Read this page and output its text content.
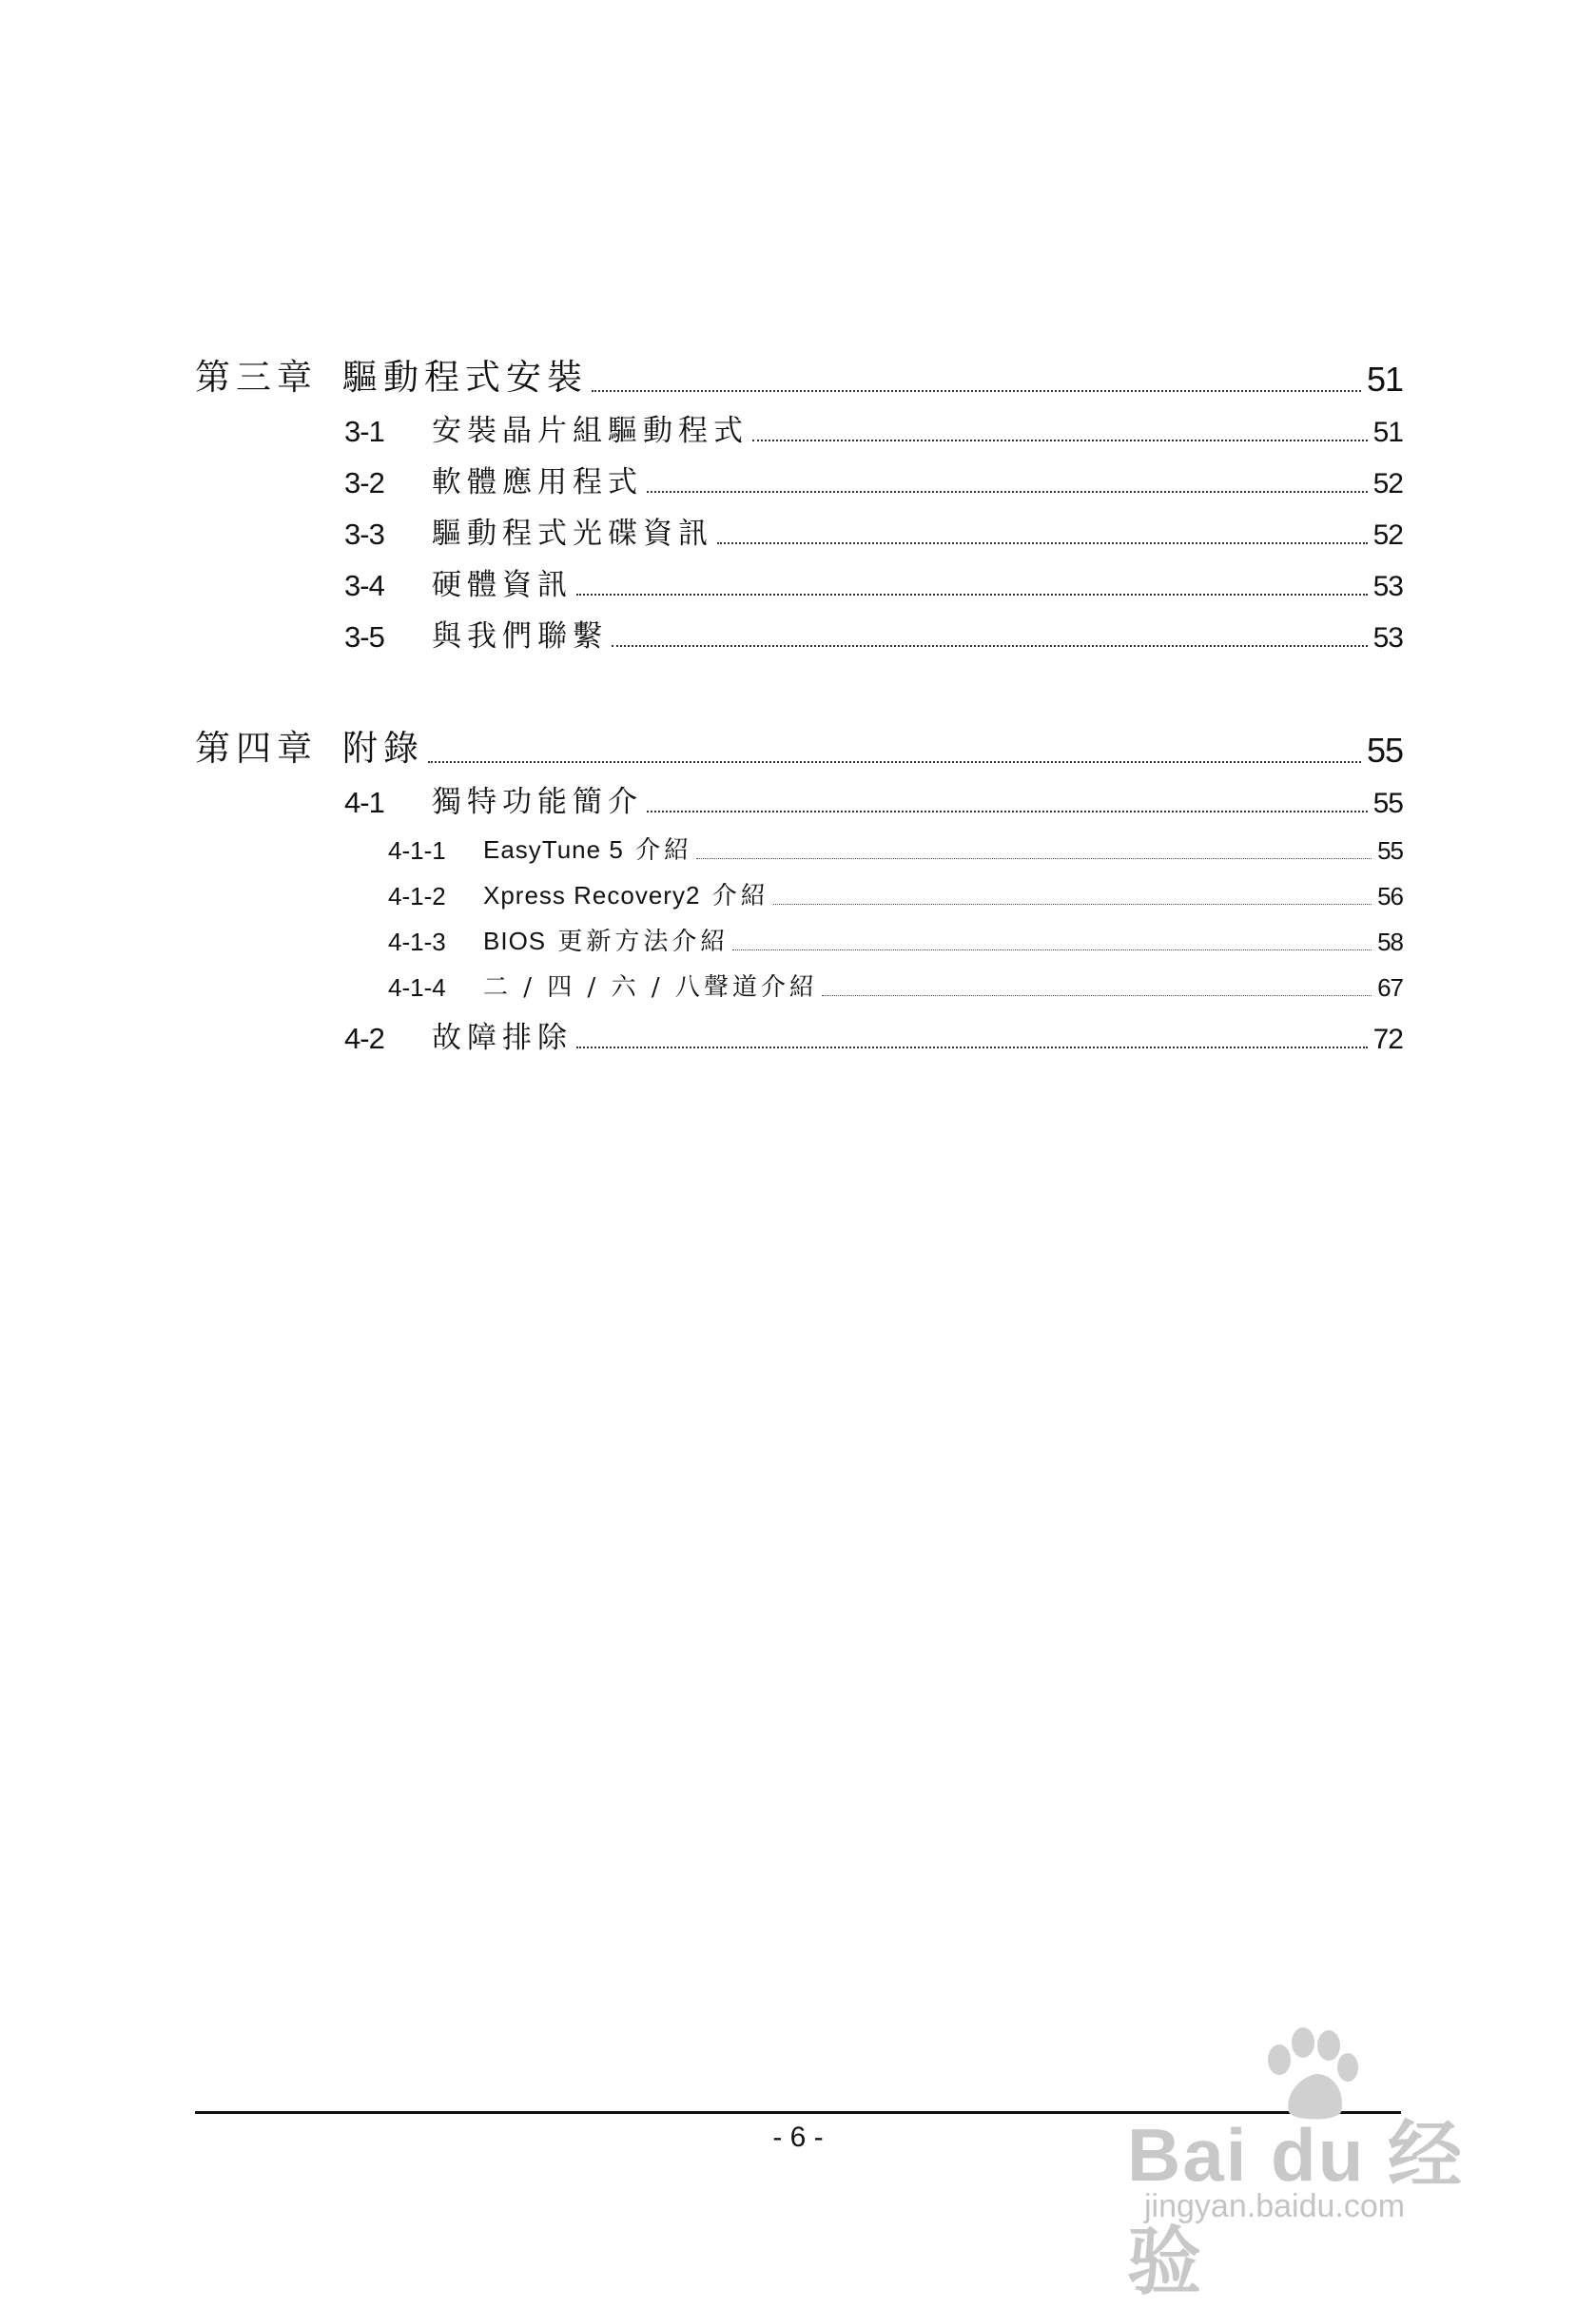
第三章 驅動程式安裝	51
3-1	安裝晶片組驅動程式	51
3-2	軟體應用程式	52
3-3	驅動程式光碟資訊	52
3-4	硬體資訊	53
3-5	與我們聯繫	53
第四章 附錄	55
4-1	獨特功能簡介	55
4-1-1	EasyTune 5 介紹	55
4-1-2	Xpress Recovery2 介紹	56
4-1-3	BIOS 更新方法介紹	58
4-1-4	二 / 四 / 六 / 八聲道介紹	67
4-2	故障排除	72
- 6 -	Bai du 经验
jingyan.baidu.com
